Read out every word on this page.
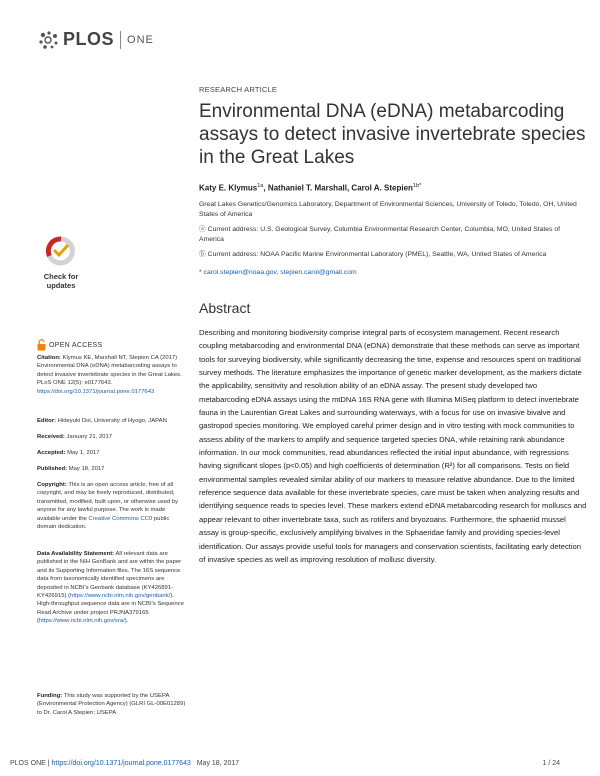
PLOS ONE
RESEARCH ARTICLE
Environmental DNA (eDNA) metabarcoding assays to detect invasive invertebrate species in the Great Lakes
Katy E. Klymus$^{1a}$, Nathaniel T. Marshall, Carol A. Stepien$^{1b*}$
Great Lakes Genetics/Genomics Laboratory, Department of Environmental Sciences, University of Toledo, Toledo, OH, United States of America
ⓐ Current address: U.S. Geological Survey, Columbia Environmental Research Center, Columbia, MO, United States of America
ⓑ Current address: NOAA Pacific Marine Environmental Laboratory (PMEL), Seattle, WA, United States of America
* carol.stepien@noaa.gov, stepien.carol@gmail.com
Abstract
Describing and monitoring biodiversity comprise integral parts of ecosystem management. Recent research coupling metabarcoding and environmental DNA (eDNA) demonstrate that these methods can serve as important tools for surveying biodiversity, while significantly decreasing the time, expense and resources spent on traditional survey methods. The literature emphasizes the importance of genetic marker development, as the markers dictate the applicability, sensitivity and resolution ability of an eDNA assay. The present study developed two metabarcoding eDNA assays using the mtDNA 16S RNA gene with Illumina MiSeq platform to detect invertebrate fauna in the Laurentian Great Lakes and surrounding waterways, with a focus for use on invasive bivalve and gastropod species monitoring. We employed careful primer design and in vitro testing with mock communities to assess ability of the markers to amplify and sequence targeted species DNA, while retaining rank abundance information. In our mock communities, read abundances reflected the initial input abundance, with regressions having significant slopes (p<0.05) and high coefficients of determination (R²) for all comparisons. Tests on field environmental samples revealed similar ability of our markers to measure relative abundance. Due to the limited reference sequence data available for these invertebrate species, care must be taken when analyzing results and identifying sequence reads to species level. These markers extend eDNA metabarcoding research for molluscs and appear relevant to other invertebrate taxa, such as rotifers and bryozoans. Furthermore, the sphaeriid mussel assay is group-specific, exclusively amplifying bivalves in the Sphaeridae family and providing species-level identification. Our assays provide useful tools for managers and conservation scientists, facilitating early detection of invasive species as well as improving resolution of mollusc diversity.
Check for
updates
OPEN ACCESS
Citation: Klymus KE, Marshall NT, Stepien CA (2017) Environmental DNA (eDNA) metabarcoding assays to detect invasive invertebrate species in the Great Lakes. PLoS ONE 12(5): e0177643. https://doi.org/10.1371/journal.pone.0177643
Editor: Hideyuki Doi, University of Hyogo, JAPAN
Received: January 21, 2017
Accepted: May 1, 2017
Published: May 18, 2017
Copyright: This is an open access article, free of all copyright, and may be freely reproduced, distributed, transmitted, modified, built upon, or otherwise used by anyone for any lawful purpose. The work is made available under the Creative Commons CC0 public domain dedication.
Data Availability Statement: All relevant data are published in the NIH GenBank and are within the paper and its Supporting Information files. The 16S sequence data from taxonomically identified specimens are deposited in NCBI's Genbank database (KY426891-KY426915) (https://www.ncbi.nlm.nih.gov/genbank/). High-throughput sequence data are in NCBI's Sequence Read Archive under project PRJNA379165 (https://www.ncbi.nlm.nih.gov/sra/).
Funding: This study was supported by the USEPA (Environmental Protection Agency) (GLRI GL-00E01289) to Dr. Carol A Stepien; USEPA
PLOS ONE | https://doi.org/10.1371/journal.pone.0177643 May 18, 2017	1 / 24
